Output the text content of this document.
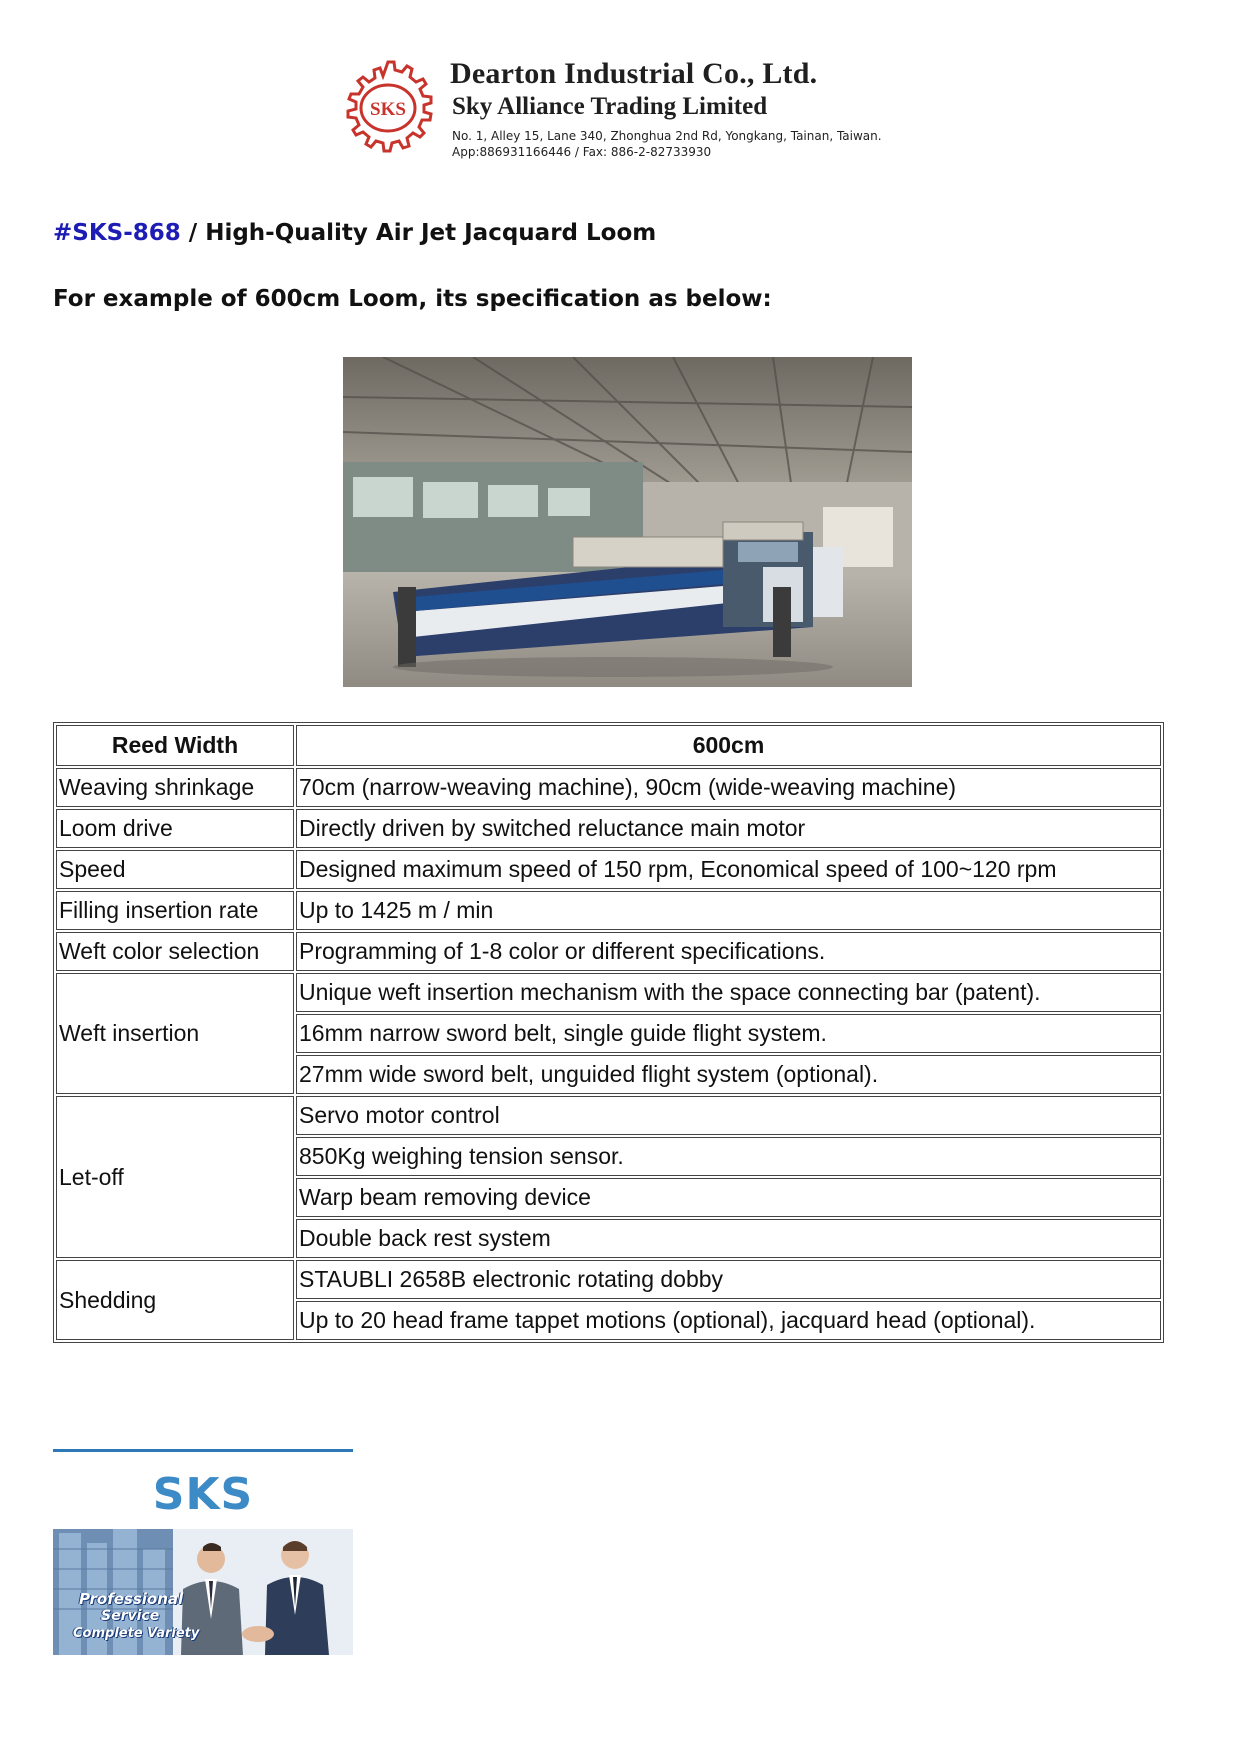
SKS
Dearton Industrial Co., Ltd.
Sky Alliance Trading Limited
No. 1, Alley 15, Lane 340, Zhonghua 2nd Rd, Yongkang, Tainan, Taiwan.
App:886931166446 / Fax: 886-2-82733930
#SKS-868 / High-Quality Air Jet Jacquard Loom
For example of 600cm Loom, its specification as below:
Reed Width	600cm
Weaving shrinkage	70cm (narrow-weaving machine), 90cm (wide-weaving machine)
Loom drive	Directly driven by switched reluctance main motor
Speed	Designed maximum speed of 150 rpm, Economical speed of 100~120 rpm
Filling insertion rate	Up to 1425 m / min
Weft color selection	Programming of 1-8 color or different specifications.
Weft insertion	Unique weft insertion mechanism with the space connecting bar (patent).
	16mm narrow sword belt, single guide flight system.
	27mm wide sword belt, unguided flight system (optional).
Let-off	Servo motor control
	850Kg weighing tension sensor.
	Warp beam removing device
	Double back rest system
Shedding	STAUBLI 2658B electronic rotating dobby
	Up to 20 head frame tappet motions (optional), jacquard head (optional).
SKS
Professional
Service
Complete Variety
